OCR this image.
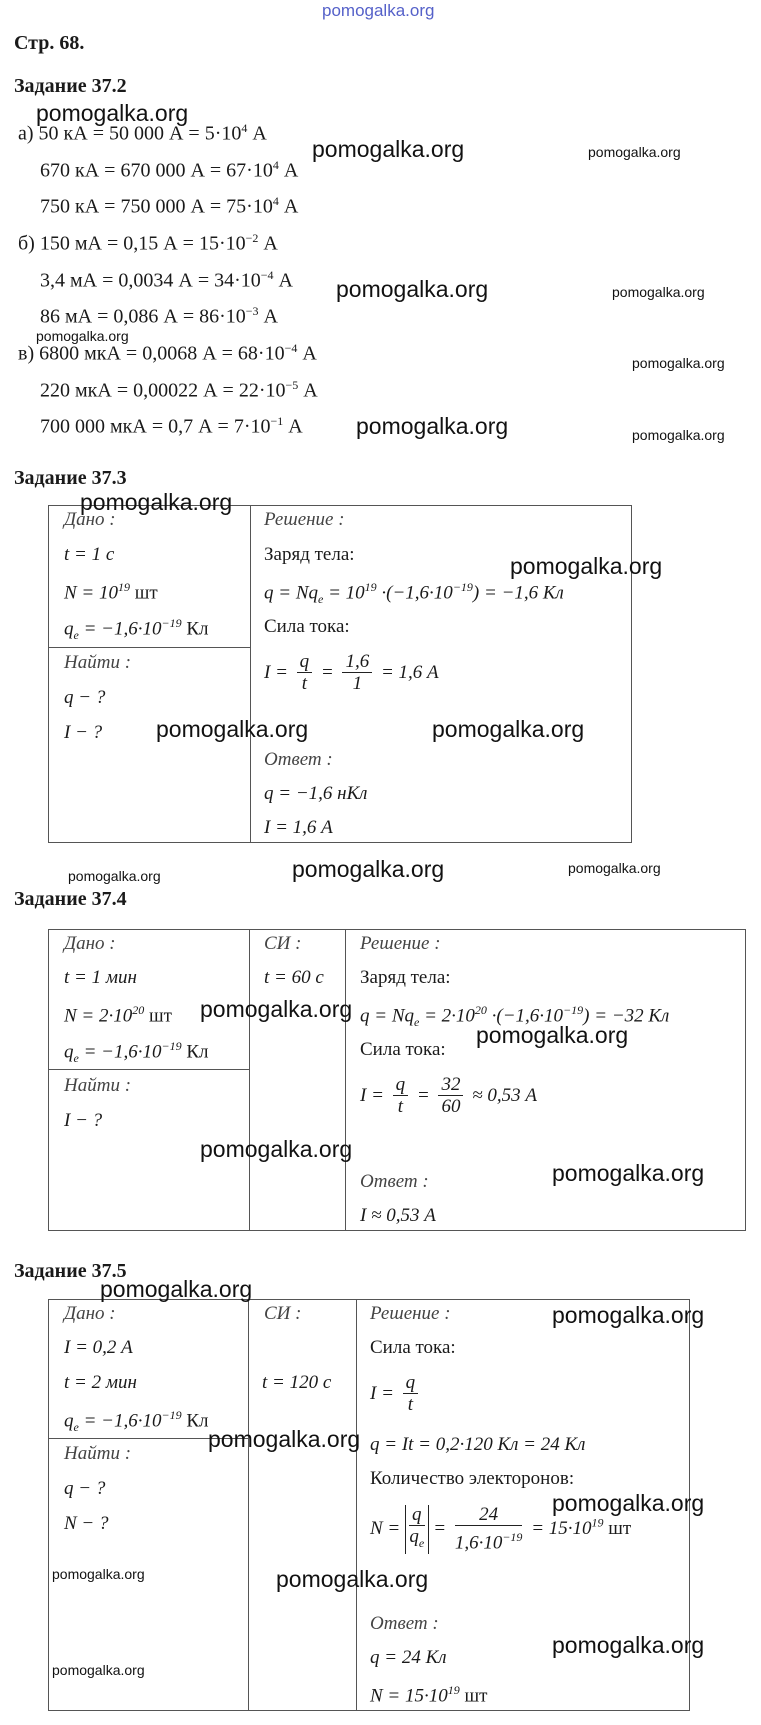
pomogalka.org
Стр. 68.
Задание 37.2
а) 50 кА = 50 000 $А = 5\cdot 10^4$ А
670 кА = 670 000 $А = 67\cdot 10^4$ А
750 кА = 750 000 $А = 75\cdot 10^4$ А
б) 150 мА = 0,15 $А = 15\cdot 10^{-2}$ А
3,4 мА = 0,0034 $А = 34\cdot 10^{-4}$ А
86 мА = 0,086 $А = 86\cdot 10^{-3}$ А
в) 6800 мкА = 0,0068 $А = 68\cdot 10^{-4}$ А
220 мкА = 0,00022 $А = 22\cdot 10^{-5}$ А
700 000 мкА = 0,7 $А = 7\cdot 10^{-1}$ А
Задание 37.3
Дано :
t = 1 с
$N = 10^{19}$ шт
$q_e = -1,6\cdot 10^{-19}$ Кл
Найти :
q − ?
I − ?
Решение :
Заряд тела:
$q = Nq_e = 10^{19} \cdot(-1,6\cdot 10^{-19}) = -1,6$ Кл
Сила тока:
$I = \frac{q}{t} = \frac{1,6}{1} = 1,6$ А
Ответ :
q = −1,6 нКл
I = 1,6 А
Задание 37.4
Дано :
t = 1 мин
$N = 2\cdot 10^{20}$ шт
$q_e = -1,6\cdot 10^{-19}$ Кл
Найти :
I − ?
СИ :
t = 60 с
Решение :
Заряд тела:
$q = Nq_e = 2\cdot 10^{20} \cdot(-1,6\cdot 10^{-19}) = -32$ Кл
Сила тока:
$I = \frac{q}{t} = \frac{32}{60} \approx 0,53$ А
Ответ :
I ≈ 0,53 А
Задание 37.5
Дано :
I = 0,2 А
t = 2 мин
$q_e = -1,6\cdot 10^{-19}$ Кл
Найти :
q − ?
N − ?
СИ :
t = 120 с
Решение :
Сила тока:
$I = \frac{q}{t}$
q = It = 0,2·120 Кл = 24 Кл
Количество электоронов:
$N = \frac{q}{q_e} = \frac{24}{1,6\cdot 10^{-19}} = 15\cdot 10^{19}$ шт
Ответ :
q = 24 Кл
$N = 15\cdot 10^{19}$ шт
pomogalka.org
pomogalka.org	pomogalka.org
pomogalka.org	pomogalka.org
pomogalka.org
pomogalka.org
pomogalka.org	pomogalka.org
pomogalka.org
pomogalka.org
pomogalka.org	pomogalka.org
pomogalka.org	pomogalka.org	pomogalka.org
pomogalka.org
pomogalka.org
pomogalka.org
pomogalka.org
pomogalka.org
pomogalka.org
pomogalka.org
pomogalka.org
pomogalka.org	pomogalka.org
pomogalka.org
pomogalka.org
